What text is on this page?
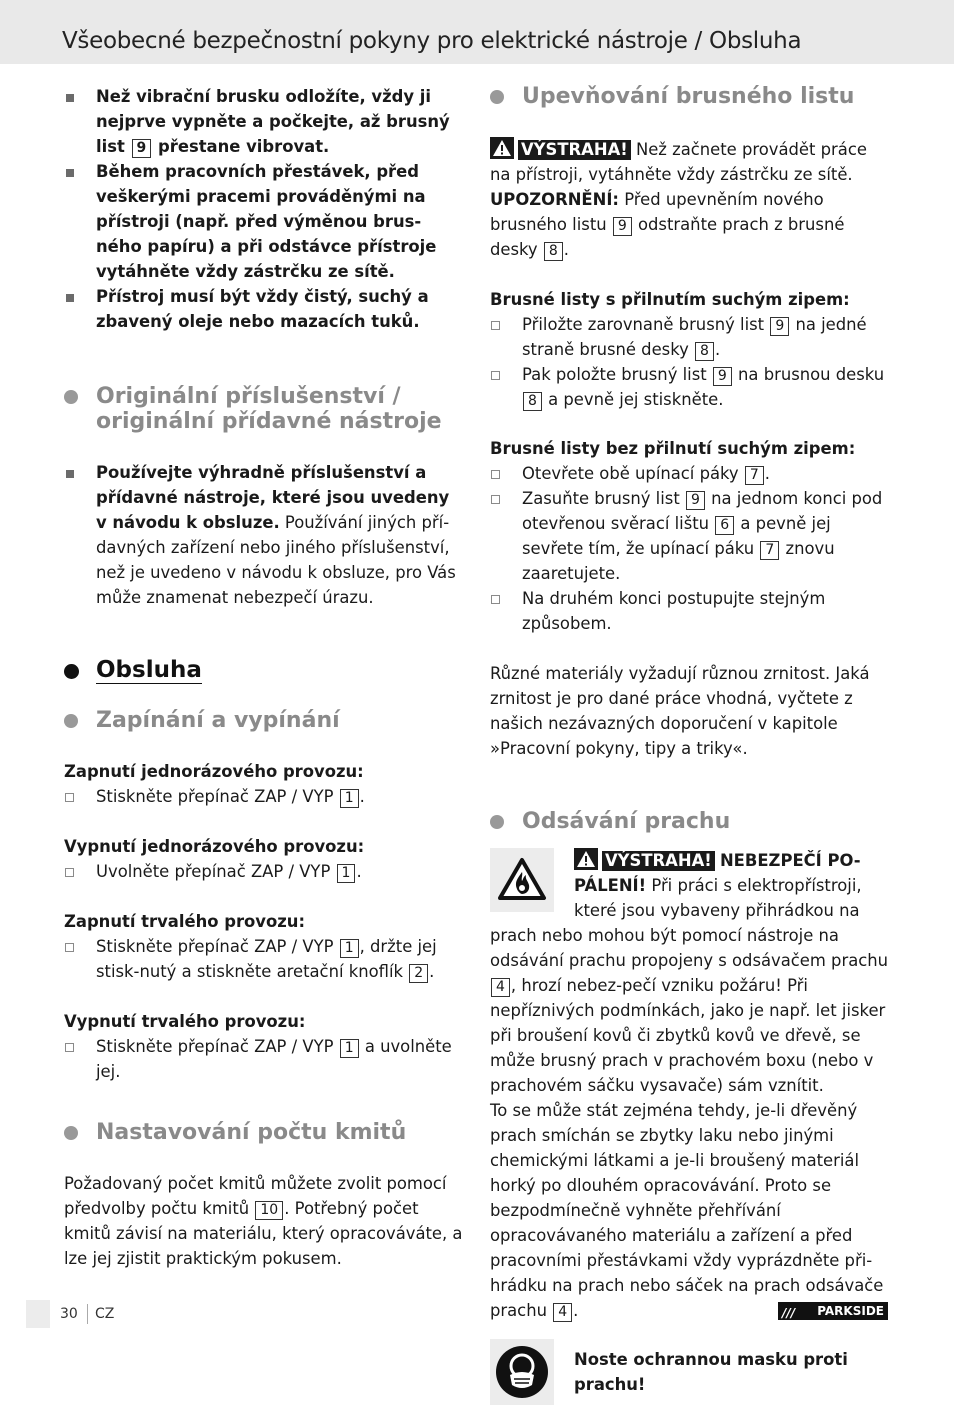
Všeobecné bezpečnostní pokyny pro elektrické nástroje / Obsluha

Než vibrační brusku odložíte, vždy ji nejprve vypněte a počkejte, až brusný list 9 přestane vibrovat.

Během pracovních přestávek, před veškerými pracemi prováděnými na přístroji (např. před výměnou brus-ného papíru) a při odstávce přístroje vytáhněte vždy zástrčku ze sítě.

Přístroj musí být vždy čistý, suchý a zbavený oleje nebo mazacích tuků.

Originální příslušenství /
originální přídavné nástroje

Používejte výhradně příslušenství a přídavné nástroje, které jsou uvedeny v návodu k obsluze. Používání jiných pří-davných zařízení nebo jiného příslušenství, než je uvedeno v návodu k obsluze, pro Vás může znamenat nebezpečí úrazu.

Obsluha
Zapínání a vypínání

Zapnutí jednorázového provozu:

Stiskněte přepínač ZAP / VYP 1 .

Vypnutí jednorázového provozu:

Uvolněte přepínač ZAP / VYP 1 .

Zapnutí trvalého provozu:

Stiskněte přepínač ZAP / VYP 1 , držte jej stisk-nutý a stiskněte aretační knoflík 2 .

Vypnutí trvalého provozu:

Stiskněte přepínač ZAP / VYP 1 a uvolněte jej.

Nastavování počtu kmitů

Požadovaný počet kmitů můžete zvolit pomocí předvolby počtu kmitů 10 . Potřebný počet kmitů závisí na materiálu, který opracováváte, a lze jej zjistit praktickým pokusem.

Upevňování brusného listu

VÝSTRAHA! Než začnete provádět práce na přístroji, vytáhněte vždy zástrčku ze sítě. UPOZORNĚNÍ: Před upevněním nového brusného listu 9 odstraňte prach z brusné desky 8 .

Brusné listy s přilnutím suchým zipem:

Přiložte zarovnaně brusný list 9 na jedné straně brusné desky 8 .

Pak položte brusný list 9 na brusnou desku 8 a pevně jej stiskněte.

Brusné listy bez přilnutí suchým zipem:

Otevřete obě upínací páky 7 .

Zasuňte brusný list 9 na jednom konci pod otevřenou svěrací lištu 6 a pevně jej sevřete tím, že upínací páku 7 znovu zaaretujete.

Na druhém konci postupujte stejným způsobem.

Různé materiály vyžadují různou zrnitost. Jaká zrnitost je pro dané práce vhodná, vyčtete z našich nezávazných doporučení v kapitole »Pracovní pokyny, tipy a triky«.

Odsávání prachu

VÝSTRAHA! NEBEZPEČÍ PO-PÁLENÍ! Při práci s elektropřístroji, které jsou vybaveny přihrádkou na prach nebo mohou být pomocí nástroje na odsávání prachu propojeny s odsávačem prachu 4 , hrozí nebez-pečí vzniku požáru! Při nepříznivých podmínkách, jako je např. let jisker při broušení kovů či zbytků kovů ve dřevě, se může brusný prach v prachovém boxu (nebo v prachovém sáčku vysavače) sám vznítit.

To se může stát zejména tehdy, je-li dřevěný prach smíchán se zbytky laku nebo jinými chemickými látkami a je-li broušený materiál horký po dlouhém opracovávání. Proto se bezpodmínečně vyhněte přehřívání opracovávaného materiálu a zařízení a před pracovními přestávkami vždy vyprázdněte při-hrádku na prach nebo sáček na prach odsávače prachu 4 .

Noste ochrannou masku proti prachu!

30 CZ	/// PARKSIDE
